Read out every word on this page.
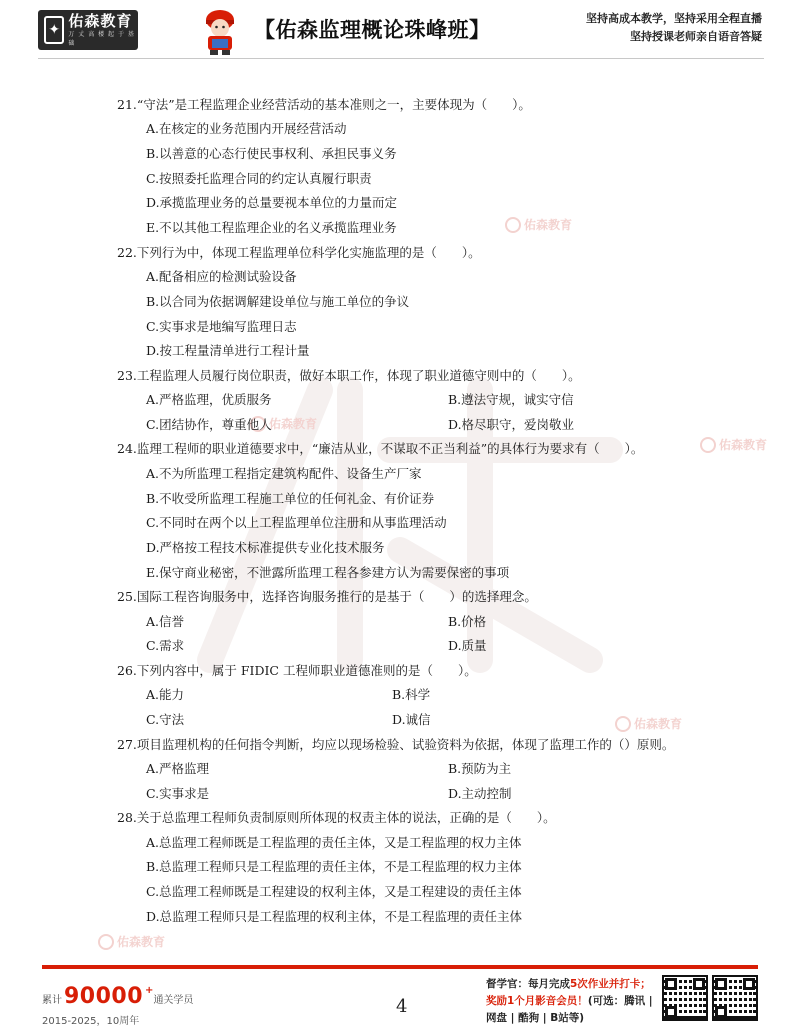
✦ 佑森教育
万 丈 高 楼 起 于 基 础
【佑森监理概论珠峰班】	坚持高成本教学，坚持采用全程直播
坚持授课老师亲自语音答疑
佑森教育
佑森教育
佑森教育
佑森教育
佑森教育
21.“守法”是工程监理企业经营活动的基本准则之一，主要体现为（　　）。
A.在核定的业务范围内开展经营活动
B.以善意的心态行使民事权利、承担民事义务
C.按照委托监理合同的约定认真履行职责
D.承揽监理业务的总量要视本单位的力量而定
E.不以其他工程监理企业的名义承揽监理业务
22.下列行为中，体现工程监理单位科学化实施监理的是（　　）。
A.配备相应的检测试验设备
B.以合同为依据调解建设单位与施工单位的争议
C.实事求是地编写监理日志
D.按工程量清单进行工程计量
23.工程监理人员履行岗位职责，做好本职工作，体现了职业道德守则中的（　　）。
A.严格监理，优质服务	B.遵法守规，诚实守信
C.团结协作，尊重他人	D.格尽职守，爱岗敬业
24.监理工程师的职业道德要求中，“廉洁从业，不谋取不正当利益”的具体行为要求有（　　）。
A.不为所监理工程指定建筑构配件、设备生产厂家
B.不收受所监理工程施工单位的任何礼金、有价证券
C.不同时在两个以上工程监理单位注册和从事监理活动
D.严格按工程技术标准提供专业化技术服务
E.保守商业秘密，不泄露所监理工程各参建方认为需要保密的事项
25.国际工程咨询服务中，选择咨询服务推行的是基于（　　）的选择理念。
A.信誉	B.价格
C.需求	D.质量
26.下列内容中，属于 FIDIC 工程师职业道德准则的是（　　）。
A.能力	B.科学
C.守法	D.诚信
27.项目监理机构的任何指令判断，均应以现场检验、试验资料为依据，体现了监理工作的（）原则。
A.严格监理	B.预防为主
C.实事求是	D.主动控制
28.关于总监理工程师负责制原则所体现的权责主体的说法，正确的是（　　）。
A.总监理工程师既是工程监理的责任主体，又是工程监理的权力主体
B.总监理工程师只是工程监理的责任主体，不是工程监理的权力主体
C.总监理工程师既是工程建设的权利主体，又是工程建设的责任主体
D.总监理工程师只是工程监理的权利主体，不是工程监理的责任主体
累计 90000 +
通关学员
2015-2025，10周年
4
督学官：每月完成5次作业并打卡；
奖励1个月影音会员！(可选：腾讯 |
网盘 | 酷狗 | B站等)
